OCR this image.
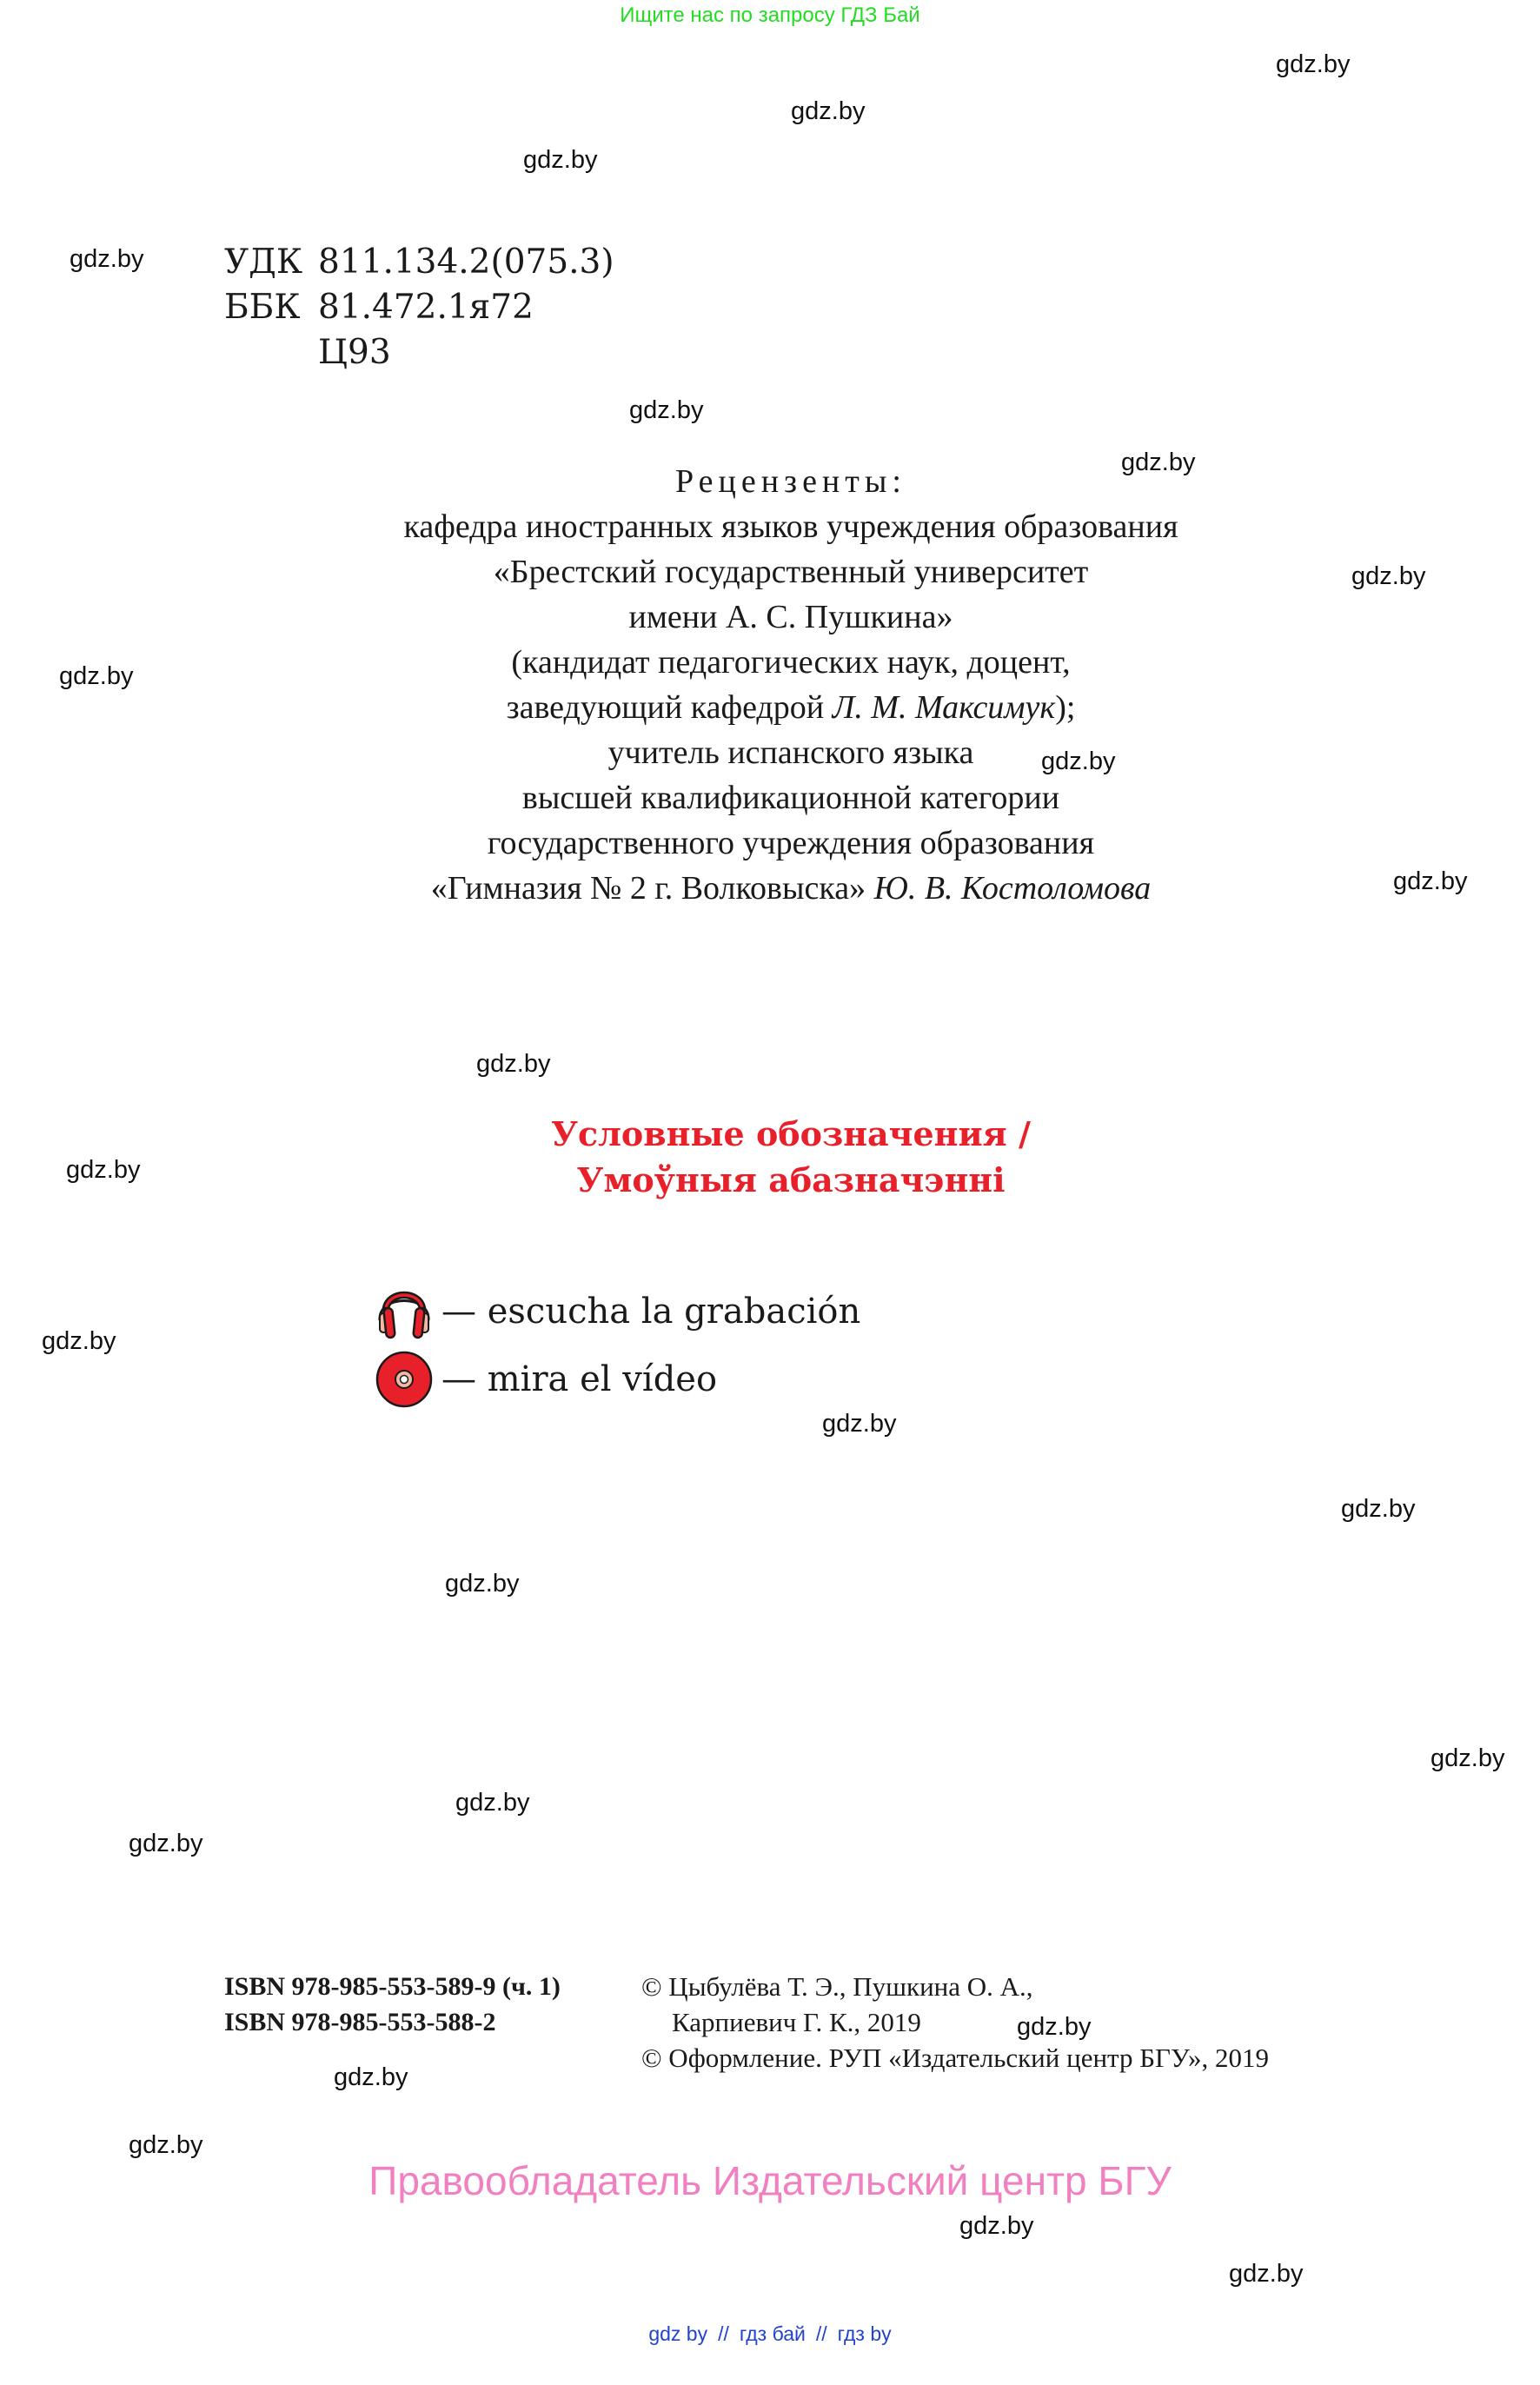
Ищите нас по запросу ГДЗ Бай
gdz.by
gdz.by
gdz.by
gdz.by
gdz.by
gdz.by
gdz.by
gdz.by
gdz.by
gdz.by
gdz.by
gdz.by
gdz.by
gdz.by
gdz.by
gdz.by
gdz.by
gdz.by
gdz.by
gdz.by
gdz.by
gdz.by
gdz.by
gdz.by
УДК 811.134.2(075.3)
ББК 81.472.1я72
Ц93
Рецензенты:
кафедра иностранных языков учреждения образования
«Брестский государственный университет
имени А. С. Пушкина»
(кандидат педагогических наук, доцент,
заведующий кафедрой Л. М. Максимук);
учитель испанского языка
высшей квалификационной категории
государственного учреждения образования
«Гимназия № 2 г. Волковыска» Ю. В. Костоломова
Условные обозначения /
Умоўныя абазначэнні
— escucha la grabación
— mira el vídeo
ISBN 978-985-553-589-9 (ч. 1)
ISBN 978-985-553-588-2
© Цыбулёва Т. Э., Пушкина О. А.,
Карпиевич Г. К., 2019
© Оформление. РУП «Издательский центр БГУ», 2019
Правообладатель Издательский центр БГУ
gdz by // гдз бай // гдз by
